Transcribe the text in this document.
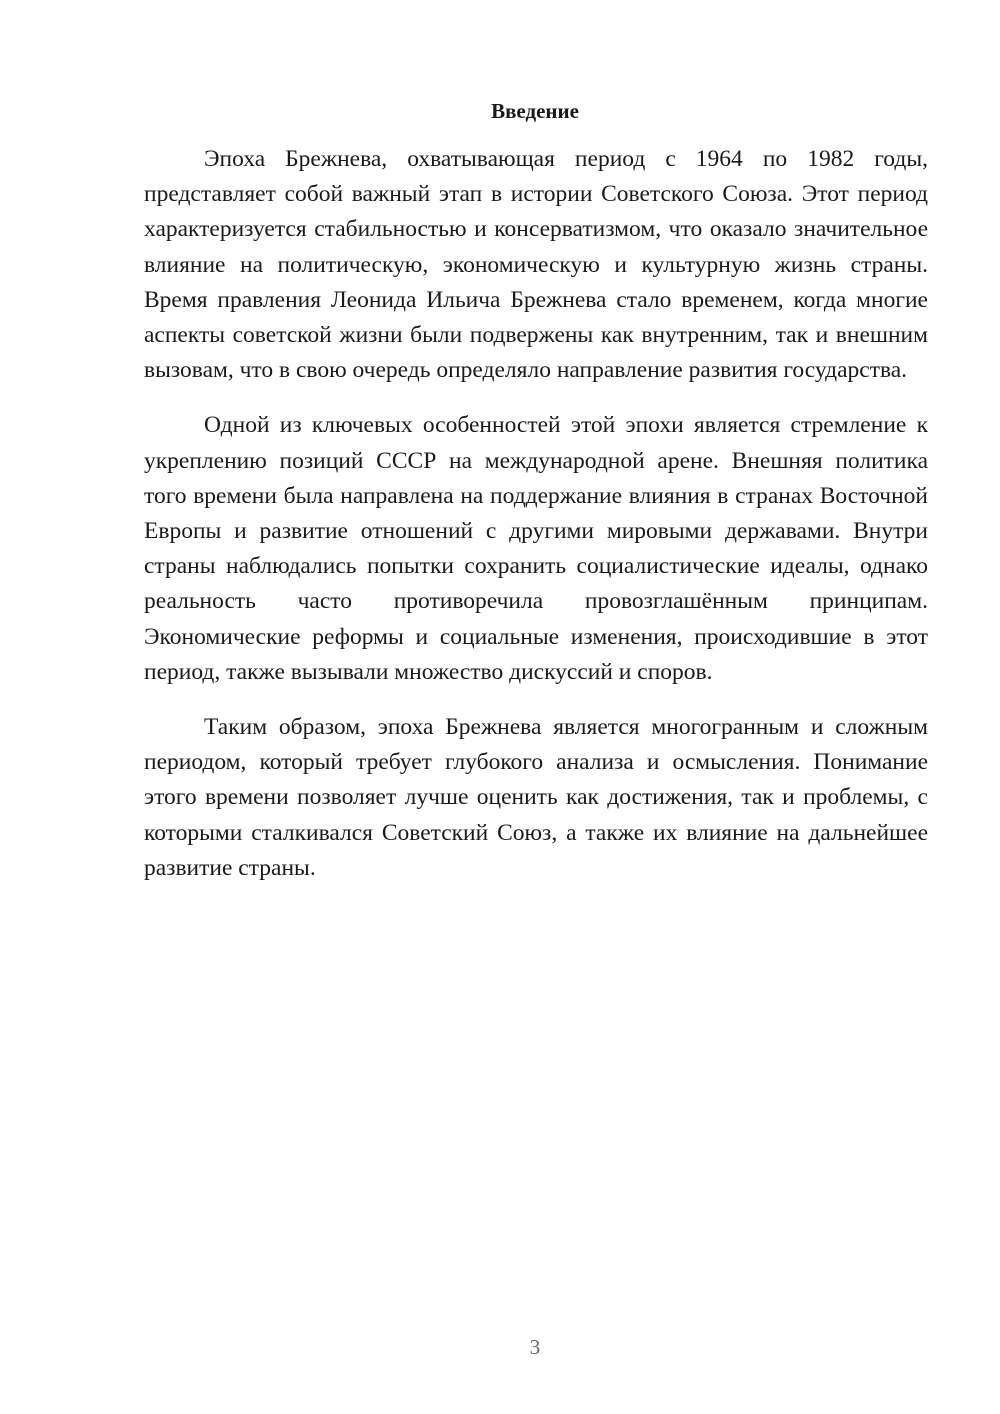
Введение

Эпоха Брежнева, охватывающая период с 1964 по 1982 годы, представляет собой важный этап в истории Советского Союза. Этот период характеризуется стабильностью и консерватизмом, что оказало значительное влияние на политическую, экономическую и культурную жизнь страны. Время правления Леонида Ильича Брежнева стало временем, когда многие аспекты советской жизни были подвержены как внутренним, так и внешним вызовам, что в свою очередь определяло направление развития государства.

Одной из ключевых особенностей этой эпохи является стремление к укреплению позиций СССР на международной арене. Внешняя политика того времени была направлена на поддержание влияния в странах Восточной Европы и развитие отношений с другими мировыми державами. Внутри страны наблюдались попытки сохранить социалистические идеалы, однако реальность часто противоречила провозглашённым принципам. Экономические реформы и социальные изменения, происходившие в этот период, также вызывали множество дискуссий и споров.

Таким образом, эпоха Брежнева является многогранным и сложным периодом, который требует глубокого анализа и осмысления. Понимание этого времени позволяет лучше оценить как достижения, так и проблемы, с которыми сталкивался Советский Союз, а также их влияние на дальнейшее развитие страны.

3
